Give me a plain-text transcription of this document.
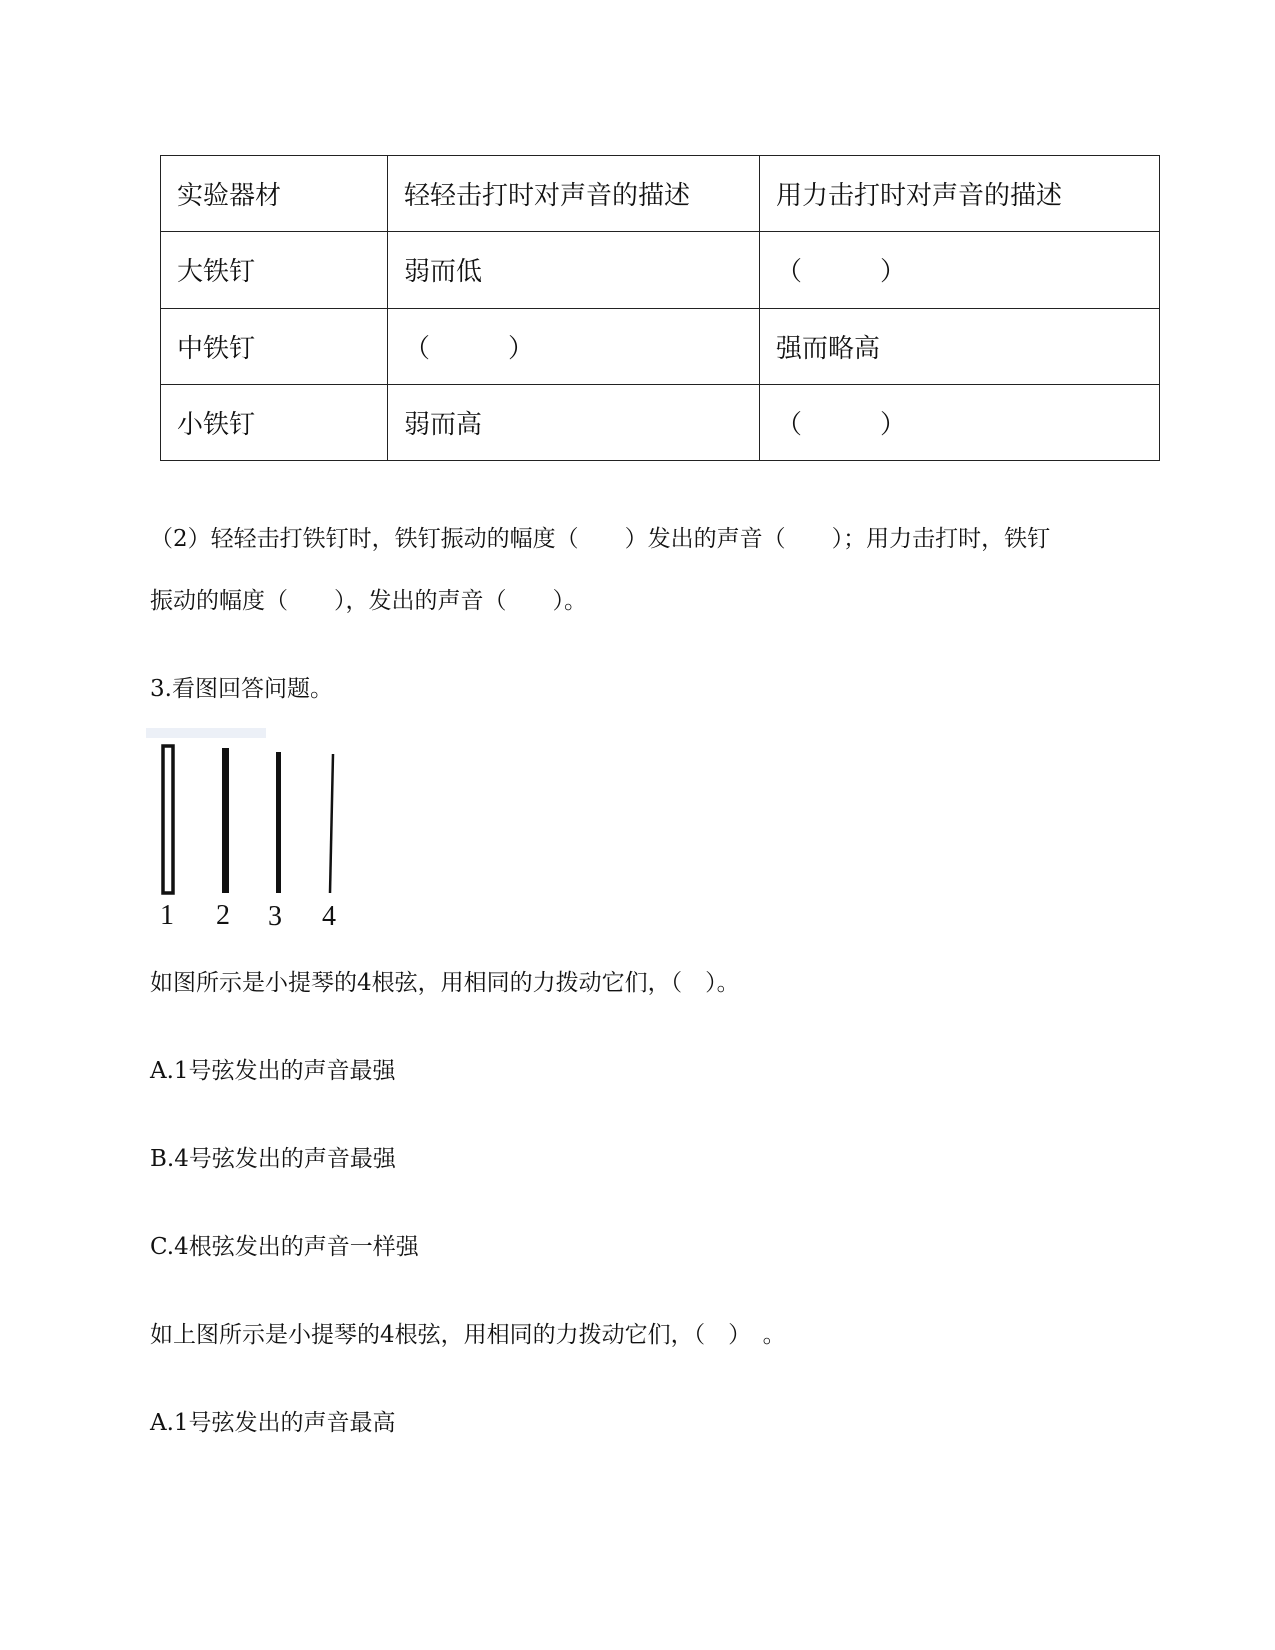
实验器材	轻轻击打时对声音的描述	用力击打时对声音的描述
大铁钉	弱而低	（　　　）
中铁钉	（　　　）	强而略高
小铁钉	弱而高	（　　　）
（2）轻轻击打铁钉时，铁钉振动的幅度（　　）发出的声音（　　）；用力击打时，铁钉
振动的幅度（　　），发出的声音（　　）。
3.看图回答问题。
1 2 3 4
如图所示是小提琴的4根弦，用相同的力拨动它们，（　）。
A.1号弦发出的声音最强
B.4号弦发出的声音最强
C.4根弦发出的声音一样强
如上图所示是小提琴的4根弦，用相同的力拨动它们，（　）　。
A.1号弦发出的声音最高
